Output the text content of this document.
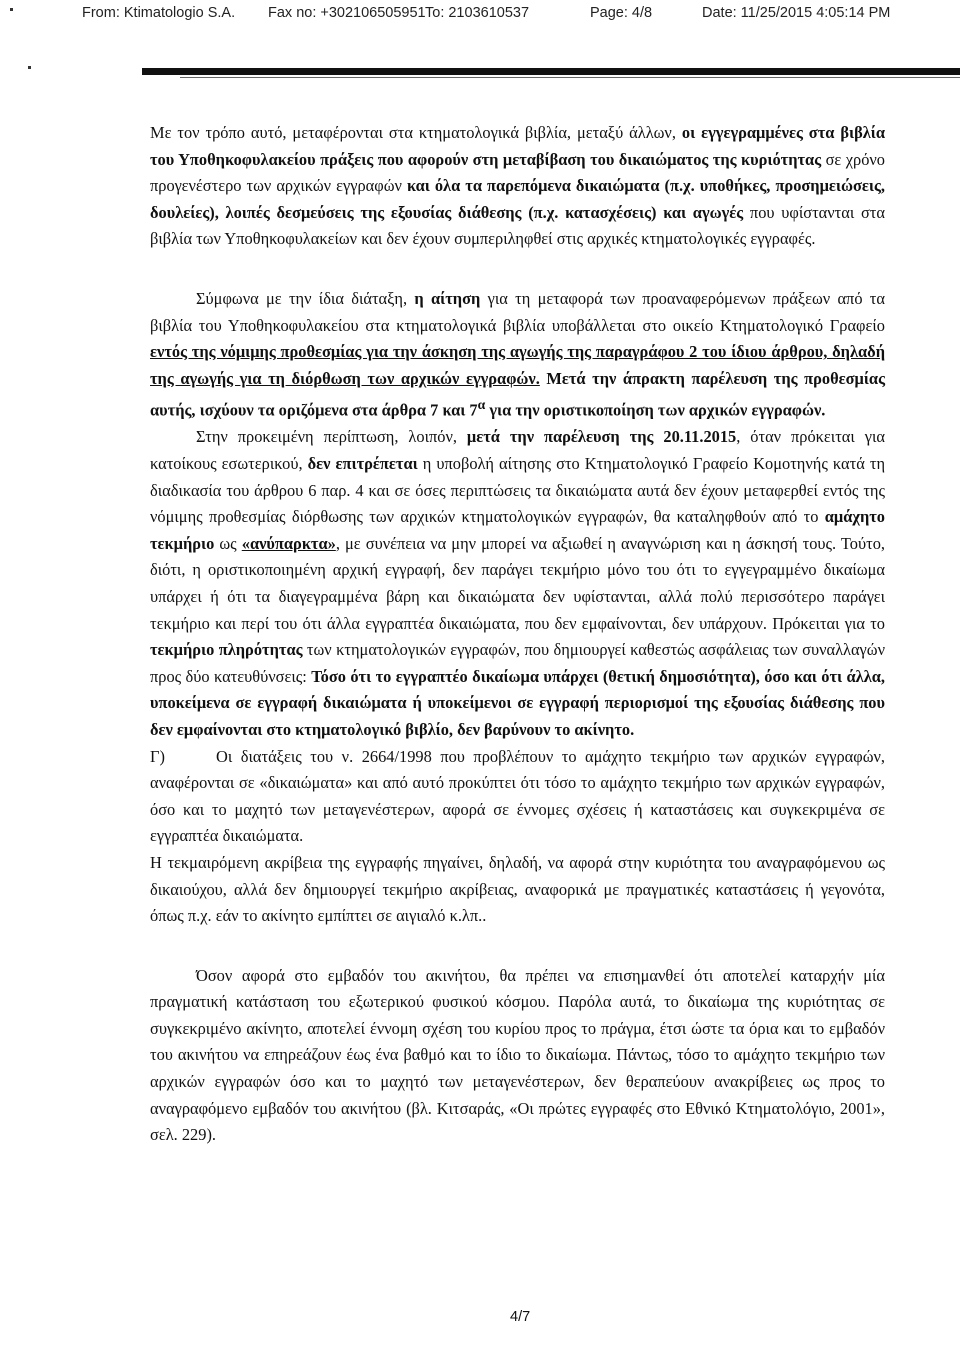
From: Ktimatologio S.A. Fax no: +302106505951 To: 2103610537	Page: 4/8	Date: 11/25/2015 4:05:14 PM

Με τον τρόπο αυτό, μεταφέρονται στα κτηματολογικά βιβλία, μεταξύ άλλων, οι εγγεγραμμένες στα βιβλία του Υποθηκοφυλακείου πράξεις που αφορούν στη μεταβίβαση του δικαιώματος της κυριότητας σε χρόνο προγενέστερο των αρχικών εγγραφών και όλα τα παρεπόμενα δικαιώματα (π.χ. υποθήκες, προσημειώσεις, δουλείες), λοιπές δεσμεύσεις της εξουσίας διάθεσης (π.χ. κατασχέσεις) και αγωγές που υφίστανται στα βιβλία των Υποθηκοφυλακείων και δεν έχουν συμπεριληφθεί στις αρχικές κτηματολογικές εγγραφές.

Σύμφωνα με την ίδια διάταξη, η αίτηση για τη μεταφορά των προαναφερόμενων πράξεων από τα βιβλία του Υποθηκοφυλακείου στα κτηματολογικά βιβλία υποβάλλεται στο οικείο Κτηματολογικό Γραφείο εντός της νόμιμης προθεσμίας για την άσκηση της αγωγής της παραγράφου 2 του ίδιου άρθρου, δηλαδή της αγωγής για τη διόρθωση των αρχικών εγγραφών. Μετά την άπρακτη παρέλευση της προθεσμίας αυτής, ισχύουν τα οριζόμενα στα άρθρα 7 και $7^\alpha$ για την οριστικοποίηση των αρχικών εγγραφών.

Στην προκειμένη περίπτωση, λοιπόν, μετά την παρέλευση της 20.11.2015, όταν πρόκειται για κατοίκους εσωτερικού, δεν επιτρέπεται η υποβολή αίτησης στο Κτηματολογικό Γραφείο Κομοτηνής κατά τη διαδικασία του άρθρου 6 παρ. 4 και σε όσες περιπτώσεις τα δικαιώματα αυτά δεν έχουν μεταφερθεί εντός της νόμιμης προθεσμίας διόρθωσης των αρχικών κτηματολογικών εγγραφών, θα καταληφθούν από το αμάχητο τεκμήριο ως «ανύπαρκτα», με συνέπεια να μην μπορεί να αξιωθεί η αναγνώριση και η άσκησή τους. Τούτο, διότι, η οριστικοποιημένη αρχική εγγραφή, δεν παράγει τεκμήριο μόνο του ότι το εγγεγραμμένο δικαίωμα υπάρχει ή ότι τα διαγεγραμμένα βάρη και δικαιώματα δεν υφίστανται, αλλά πολύ περισσότερο παράγει τεκμήριο και περί του ότι άλλα εγγραπτέα δικαιώματα, που δεν εμφαίνονται, δεν υπάρχουν. Πρόκειται για το τεκμήριο πληρότητας των κτηματολογικών εγγραφών, που δημιουργεί καθεστώς ασφάλειας των συναλλαγών προς δύο κατευθύνσεις: Τόσο ότι το εγγραπτέο δικαίωμα υπάρχει (θετική δημοσιότητα), όσο και ότι άλλα, υποκείμενα σε εγγραφή δικαιώματα ή υποκείμενοι σε εγγραφή περιορισμοί της εξουσίας διάθεσης που δεν εμφαίνονται στο κτηματολογικό βιβλίο, δεν βαρύνουν το ακίνητο.

Γ)	Οι διατάξεις του ν. 2664/1998 που προβλέπουν το αμάχητο τεκμήριο των αρχικών εγγραφών, αναφέρονται σε «δικαιώματα» και από αυτό προκύπτει ότι τόσο το αμάχητο τεκμήριο των αρχικών εγγραφών, όσο και το μαχητό των μεταγενέστερων, αφορά σε έννομες σχέσεις ή καταστάσεις και συγκεκριμένα σε εγγραπτέα δικαιώματα.

Η τεκμαιρόμενη ακρίβεια της εγγραφής πηγαίνει, δηλαδή, να αφορά στην κυριότητα του αναγραφόμενου ως δικαιούχου, αλλά δεν δημιουργεί τεκμήριο ακρίβειας, αναφορικά με πραγματικές καταστάσεις ή γεγονότα, όπως π.χ. εάν το ακίνητο εμπίπτει σε αιγιαλό κ.λπ..

Όσον αφορά στο εμβαδόν του ακινήτου, θα πρέπει να επισημανθεί ότι αποτελεί καταρχήν μία πραγματική κατάσταση του εξωτερικού φυσικού κόσμου. Παρόλα αυτά, το δικαίωμα της κυριότητας σε συγκεκριμένο ακίνητο, αποτελεί έννομη σχέση του κυρίου προς το πράγμα, έτσι ώστε τα όρια και το εμβαδόν του ακινήτου να επηρεάζουν έως ένα βαθμό και το ίδιο το δικαίωμα. Πάντως, τόσο το αμάχητο τεκμήριο των αρχικών εγγραφών όσο και το μαχητό των μεταγενέστερων, δεν θεραπεύουν ανακρίβειες ως προς το αναγραφόμενο εμβαδόν του ακινήτου (βλ. Κιτσαράς, «Οι πρώτες εγγραφές στο Εθνικό Κτηματολόγιο, 2001», σελ. 229).

4/7
